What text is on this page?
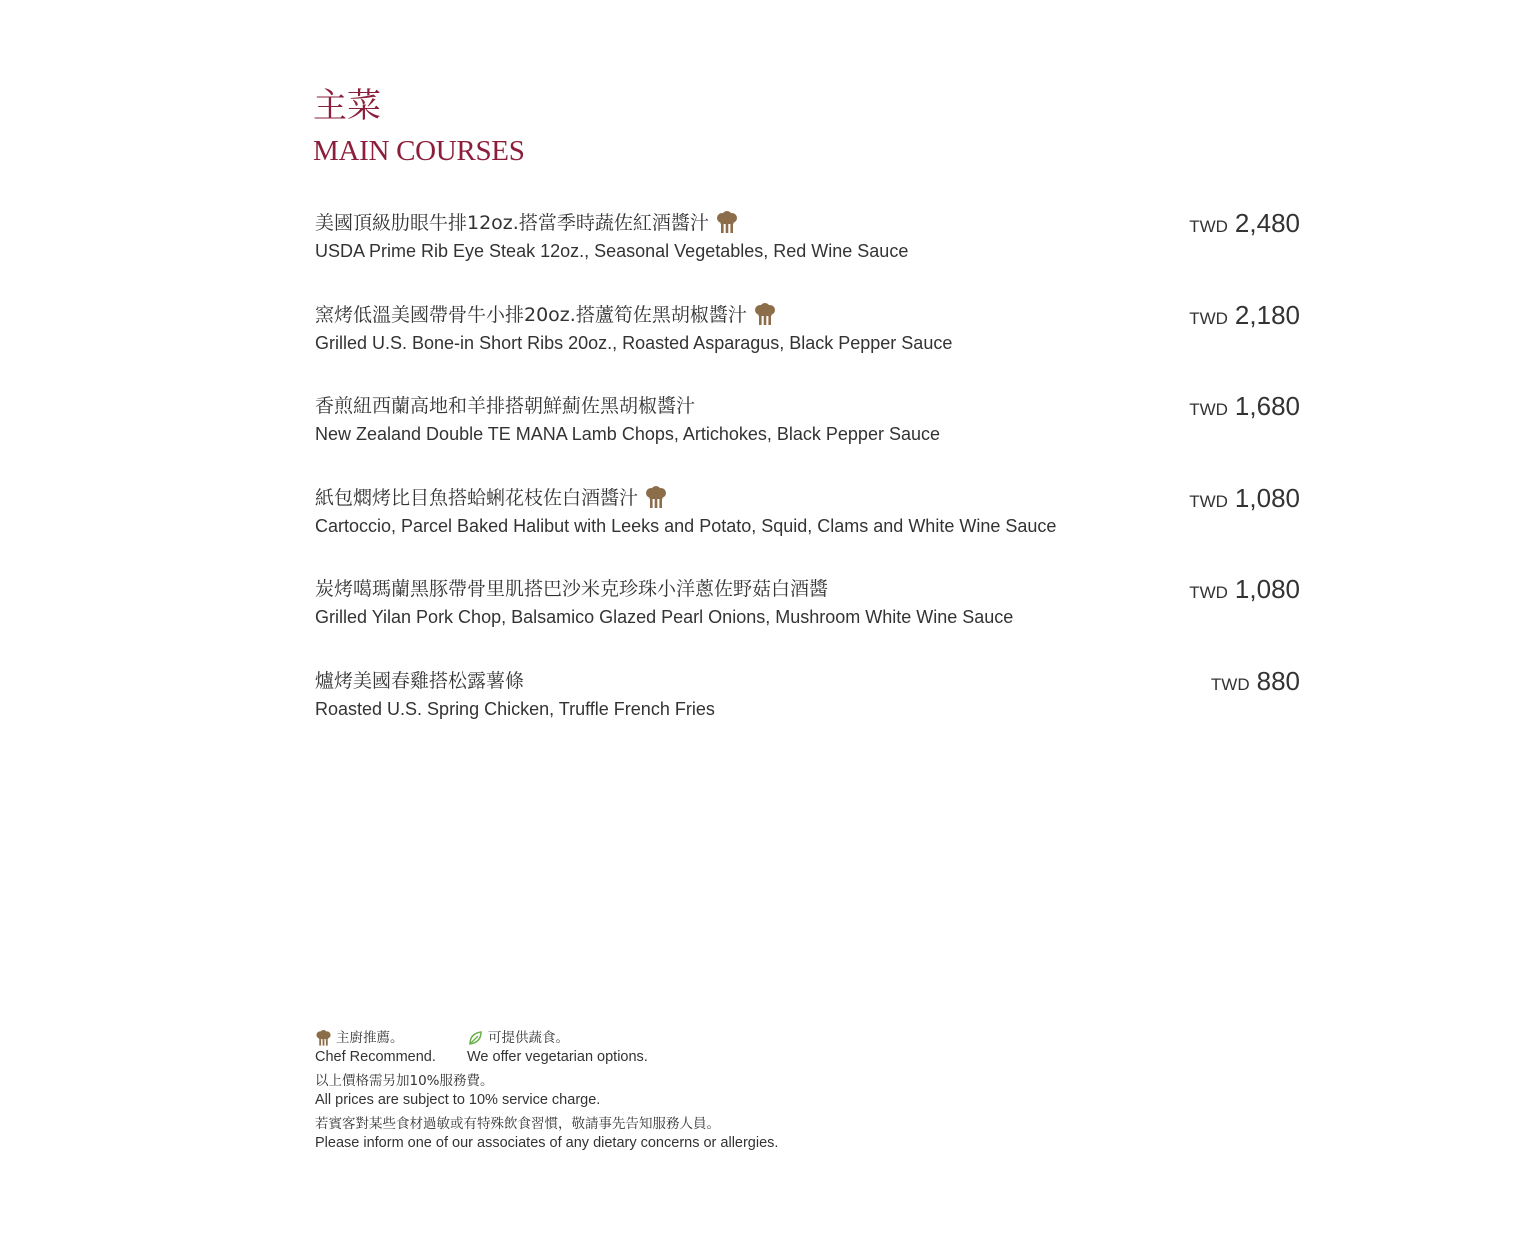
主菜
MAIN COURSES
美國頂級肋眼牛排12oz.搭當季時蔬佐紅酒醬汁
USDA Prime Rib Eye Steak 12oz., Seasonal Vegetables, Red Wine Sauce
TWD 2,480
窯烤低溫美國帶骨牛小排20oz.搭蘆筍佐黑胡椒醬汁
Grilled U.S. Bone-in Short Ribs 20oz., Roasted Asparagus, Black Pepper Sauce
TWD 2,180
香煎紐西蘭高地和羊排搭朝鮮薊佐黑胡椒醬汁
New Zealand Double TE MANA Lamb Chops, Artichokes, Black Pepper Sauce
TWD 1,680
紙包燜烤比目魚搭蛤蜊花枝佐白酒醬汁
Cartoccio, Parcel Baked Halibut with Leeks and Potato, Squid, Clams and White Wine Sauce
TWD 1,080
炭烤噶瑪蘭黑豚帶骨里肌搭巴沙米克珍珠小洋蔥佐野菇白酒醬
Grilled Yilan Pork Chop, Balsamico Glazed Pearl Onions, Mushroom White Wine Sauce
TWD 1,080
爐烤美國春雞搭松露薯條
Roasted U.S. Spring Chicken, Truffle French Fries
TWD 880
主廚推薦。
Chef Recommend.
可提供蔬食。
We offer vegetarian options.
以上價格需另加10%服務費。
All prices are subject to 10% service charge.
若賓客對某些食材過敏或有特殊飲食習慣，敬請事先告知服務人員。
Please inform one of our associates of any dietary concerns or allergies.
